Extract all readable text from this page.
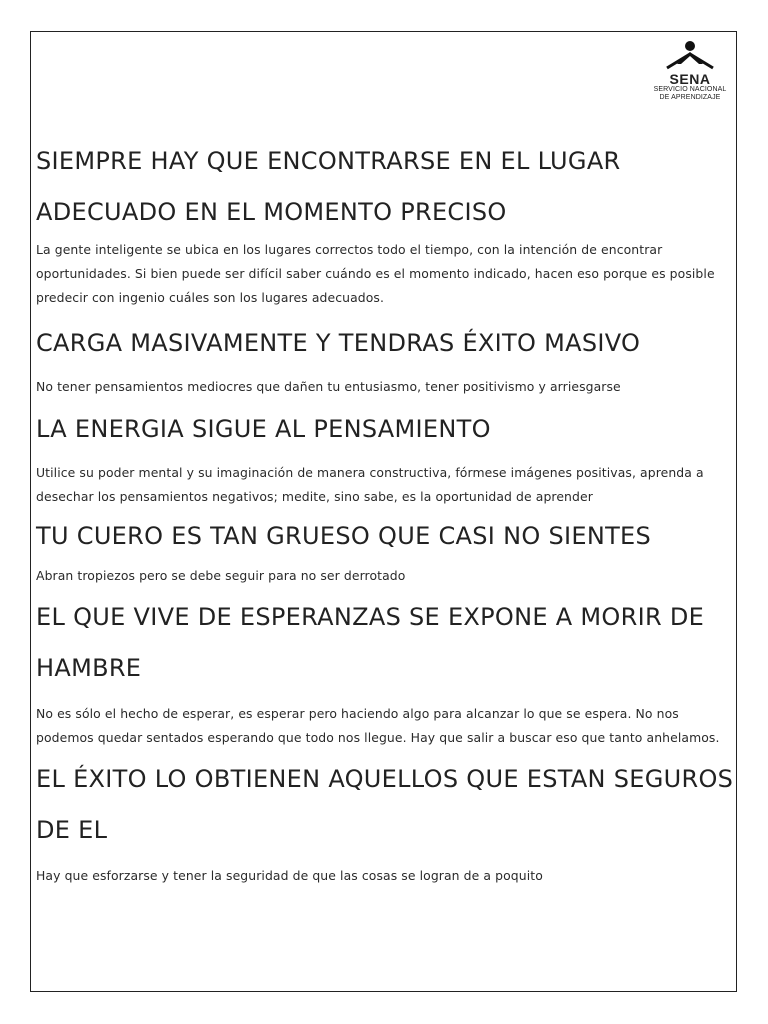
SENA
SERVICIO NACIONAL
DE APRENDIZAJE
SIEMPRE HAY QUE ENCONTRARSE EN EL LUGAR ADECUADO EN EL MOMENTO PRECISO

La gente inteligente se ubica en los lugares correctos todo el tiempo, con la intención de encontrar oportunidades. Si bien puede ser difícil saber cuándo es el momento indicado, hacen eso porque es posible predecir con ingenio cuáles son los lugares adecuados.

CARGA MASIVAMENTE Y TENDRAS ÉXITO MASIVO

No tener pensamientos mediocres que dañen tu entusiasmo, tener positivismo y arriesgarse

LA ENERGIA SIGUE AL PENSAMIENTO

Utilice su poder mental y su imaginación de manera constructiva, fórmese imágenes positivas, aprenda a desechar los pensamientos negativos; medite, sino sabe, es la oportunidad de aprender

TU CUERO ES TAN GRUESO QUE CASI NO SIENTES

Abran tropiezos pero se debe seguir para no ser derrotado

EL QUE VIVE DE ESPERANZAS SE EXPONE A MORIR DE HAMBRE

No es sólo el hecho de esperar, es esperar pero haciendo algo para alcanzar lo que se espera. No nos podemos quedar sentados esperando que todo nos llegue. Hay que salir a buscar eso que tanto anhelamos.

EL ÉXITO LO OBTIENEN AQUELLOS QUE ESTAN SEGUROS DE EL

Hay que esforzarse y tener la seguridad de que las cosas se logran de a poquito
